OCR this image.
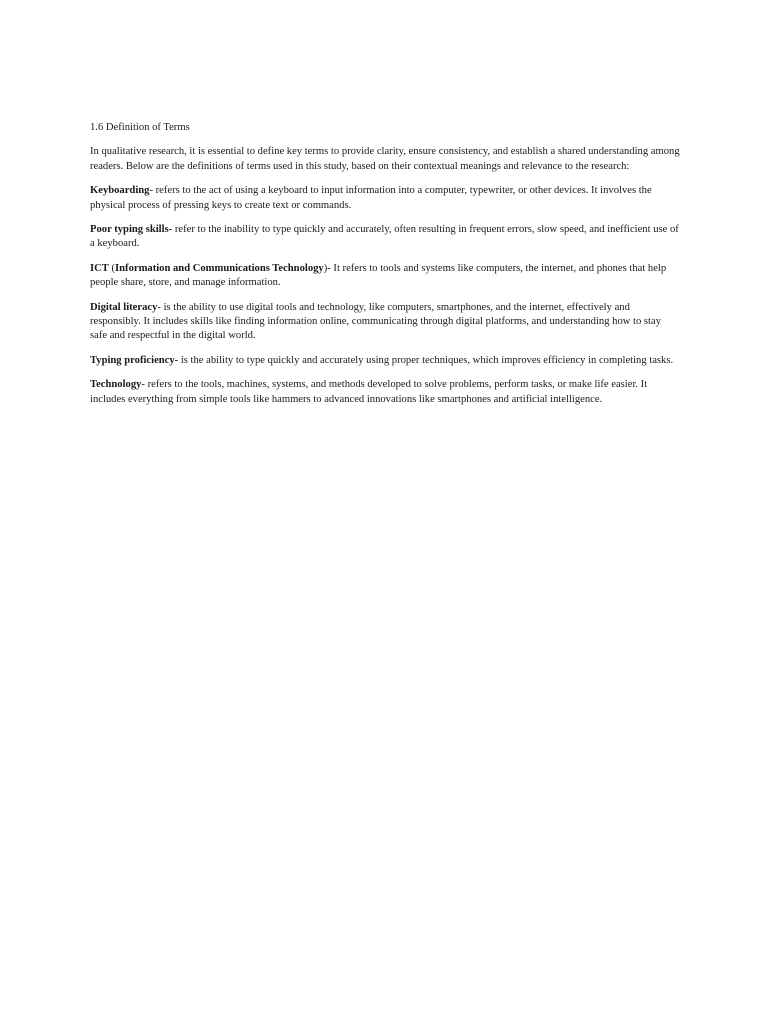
1.6 Definition of Terms

In qualitative research, it is essential to define key terms to provide clarity, ensure consistency, and establish a shared understanding among readers. Below are the definitions of terms used in this study, based on their contextual meanings and relevance to the research:

Keyboarding- refers to the act of using a keyboard to input information into a computer, typewriter, or other devices. It involves the physical process of pressing keys to create text or commands.

Poor typing skills- refer to the inability to type quickly and accurately, often resulting in frequent errors, slow speed, and inefficient use of a keyboard.

ICT (Information and Communications Technology)- It refers to tools and systems like computers, the internet, and phones that help people share, store, and manage information.

Digital literacy- is the ability to use digital tools and technology, like computers, smartphones, and the internet, effectively and responsibly. It includes skills like finding information online, communicating through digital platforms, and understanding how to stay safe and respectful in the digital world.

Typing proficiency- is the ability to type quickly and accurately using proper techniques, which improves efficiency in completing tasks.

Technology- refers to the tools, machines, systems, and methods developed to solve problems, perform tasks, or make life easier. It includes everything from simple tools like hammers to advanced innovations like smartphones and artificial intelligence.
